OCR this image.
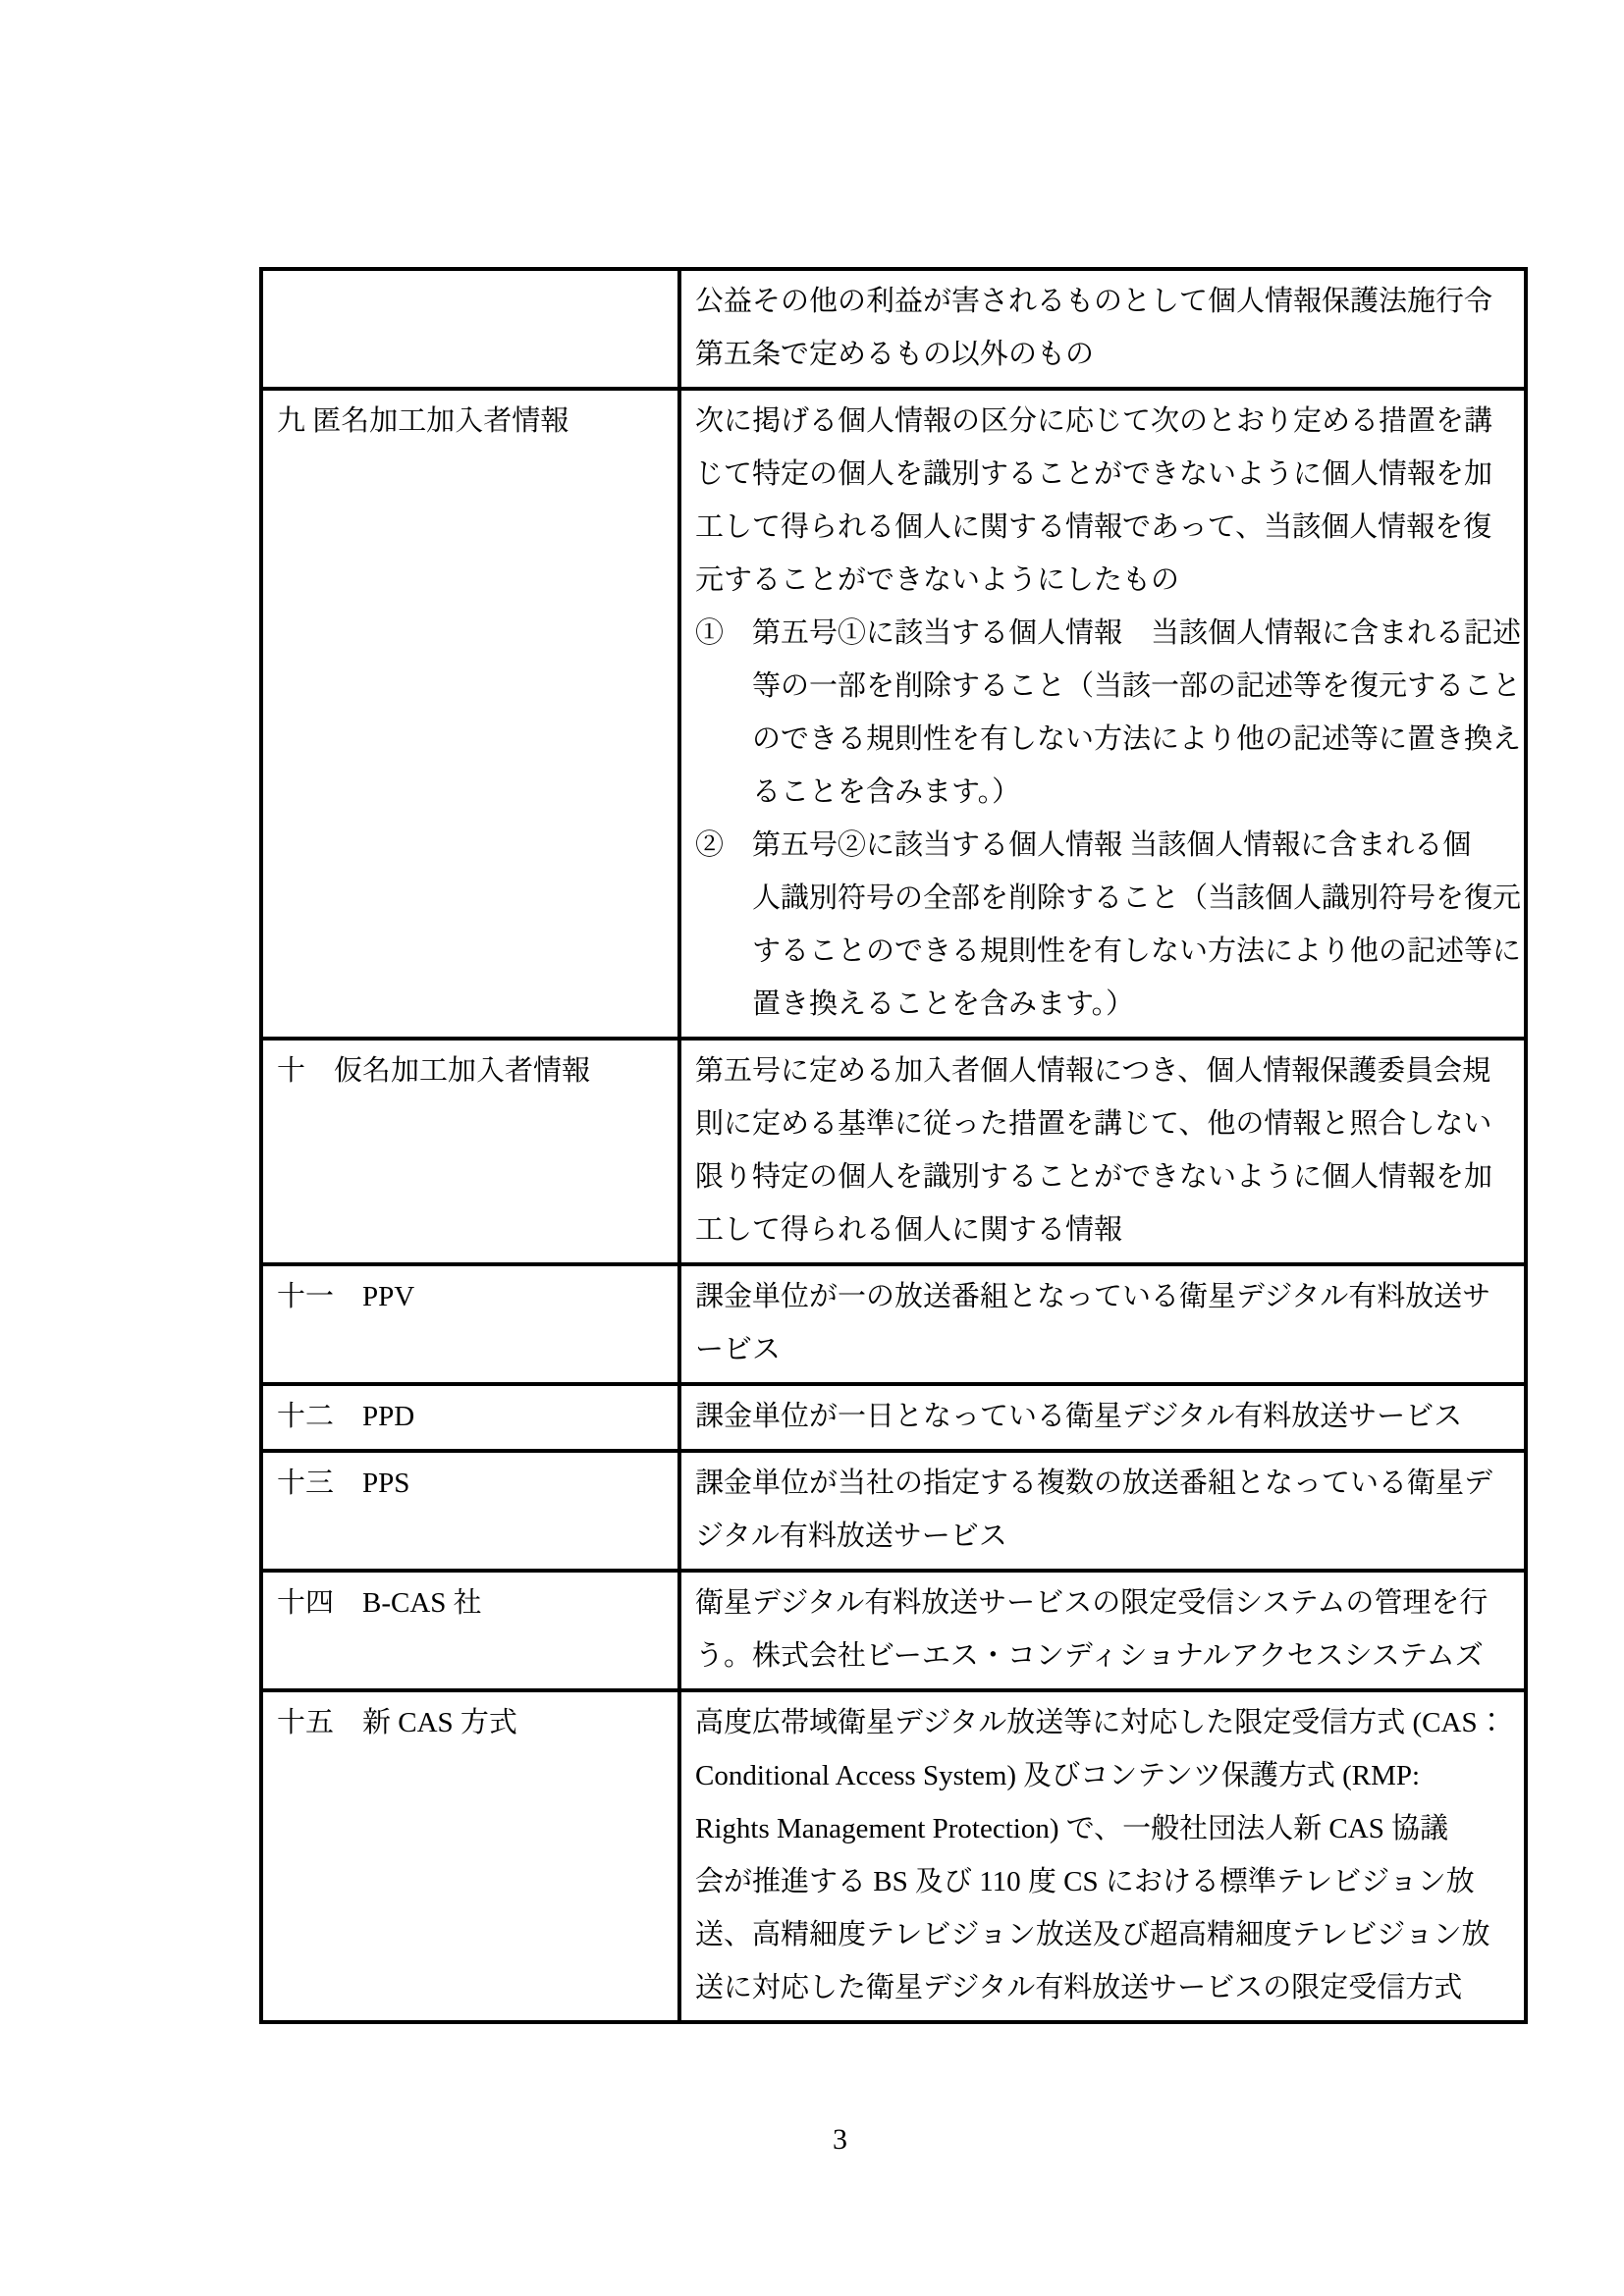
	公益その他の利益が害されるものとして個人情報保護法施行令
第五条で定めるもの以外のもの

九 匿名加工加入者情報	次に掲げる個人情報の区分に応じて次のとおり定める措置を講
じて特定の個人を識別することができないように個人情報を加
工して得られる個人に関する情報であって、当該個人情報を復
元することができないようにしたもの
①　第五号①に該当する個人情報　当該個人情報に含まれる記述
等の一部を削除すること（当該一部の記述等を復元すること
のできる規則性を有しない方法により他の記述等に置き換え
ることを含みます。）
②　第五号②に該当する個人情報 当該個人情報に含まれる個
人識別符号の全部を削除すること（当該個人識別符号を復元
することのできる規則性を有しない方法により他の記述等に
置き換えることを含みます。）

十　仮名加工加入者情報	第五号に定める加入者個人情報につき、個人情報保護委員会規
則に定める基準に従った措置を講じて、他の情報と照合しない
限り特定の個人を識別することができないように個人情報を加
工して得られる個人に関する情報

十一　PPV	課金単位が一の放送番組となっている衛星デジタル有料放送サ
ービス

十二　PPD	課金単位が一日となっている衛星デジタル有料放送サービス

十三　PPS	課金単位が当社の指定する複数の放送番組となっている衛星デ
ジタル有料放送サービス

十四　B-CAS 社	衛星デジタル有料放送サービスの限定受信システムの管理を行
う。株式会社ビーエス・コンディショナルアクセスシステムズ

十五　新 CAS 方式	高度広帯域衛星デジタル放送等に対応した限定受信方式 (CAS：
Conditional Access System) 及びコンテンツ保護方式 (RMP:
Rights Management Protection) で、一般社団法人新 CAS 協議
会が推進する BS 及び 110 度 CS における標準テレビジョン放
送、高精細度テレビジョン放送及び超高精細度テレビジョン放
送に対応した衛星デジタル有料放送サービスの限定受信方式
3
